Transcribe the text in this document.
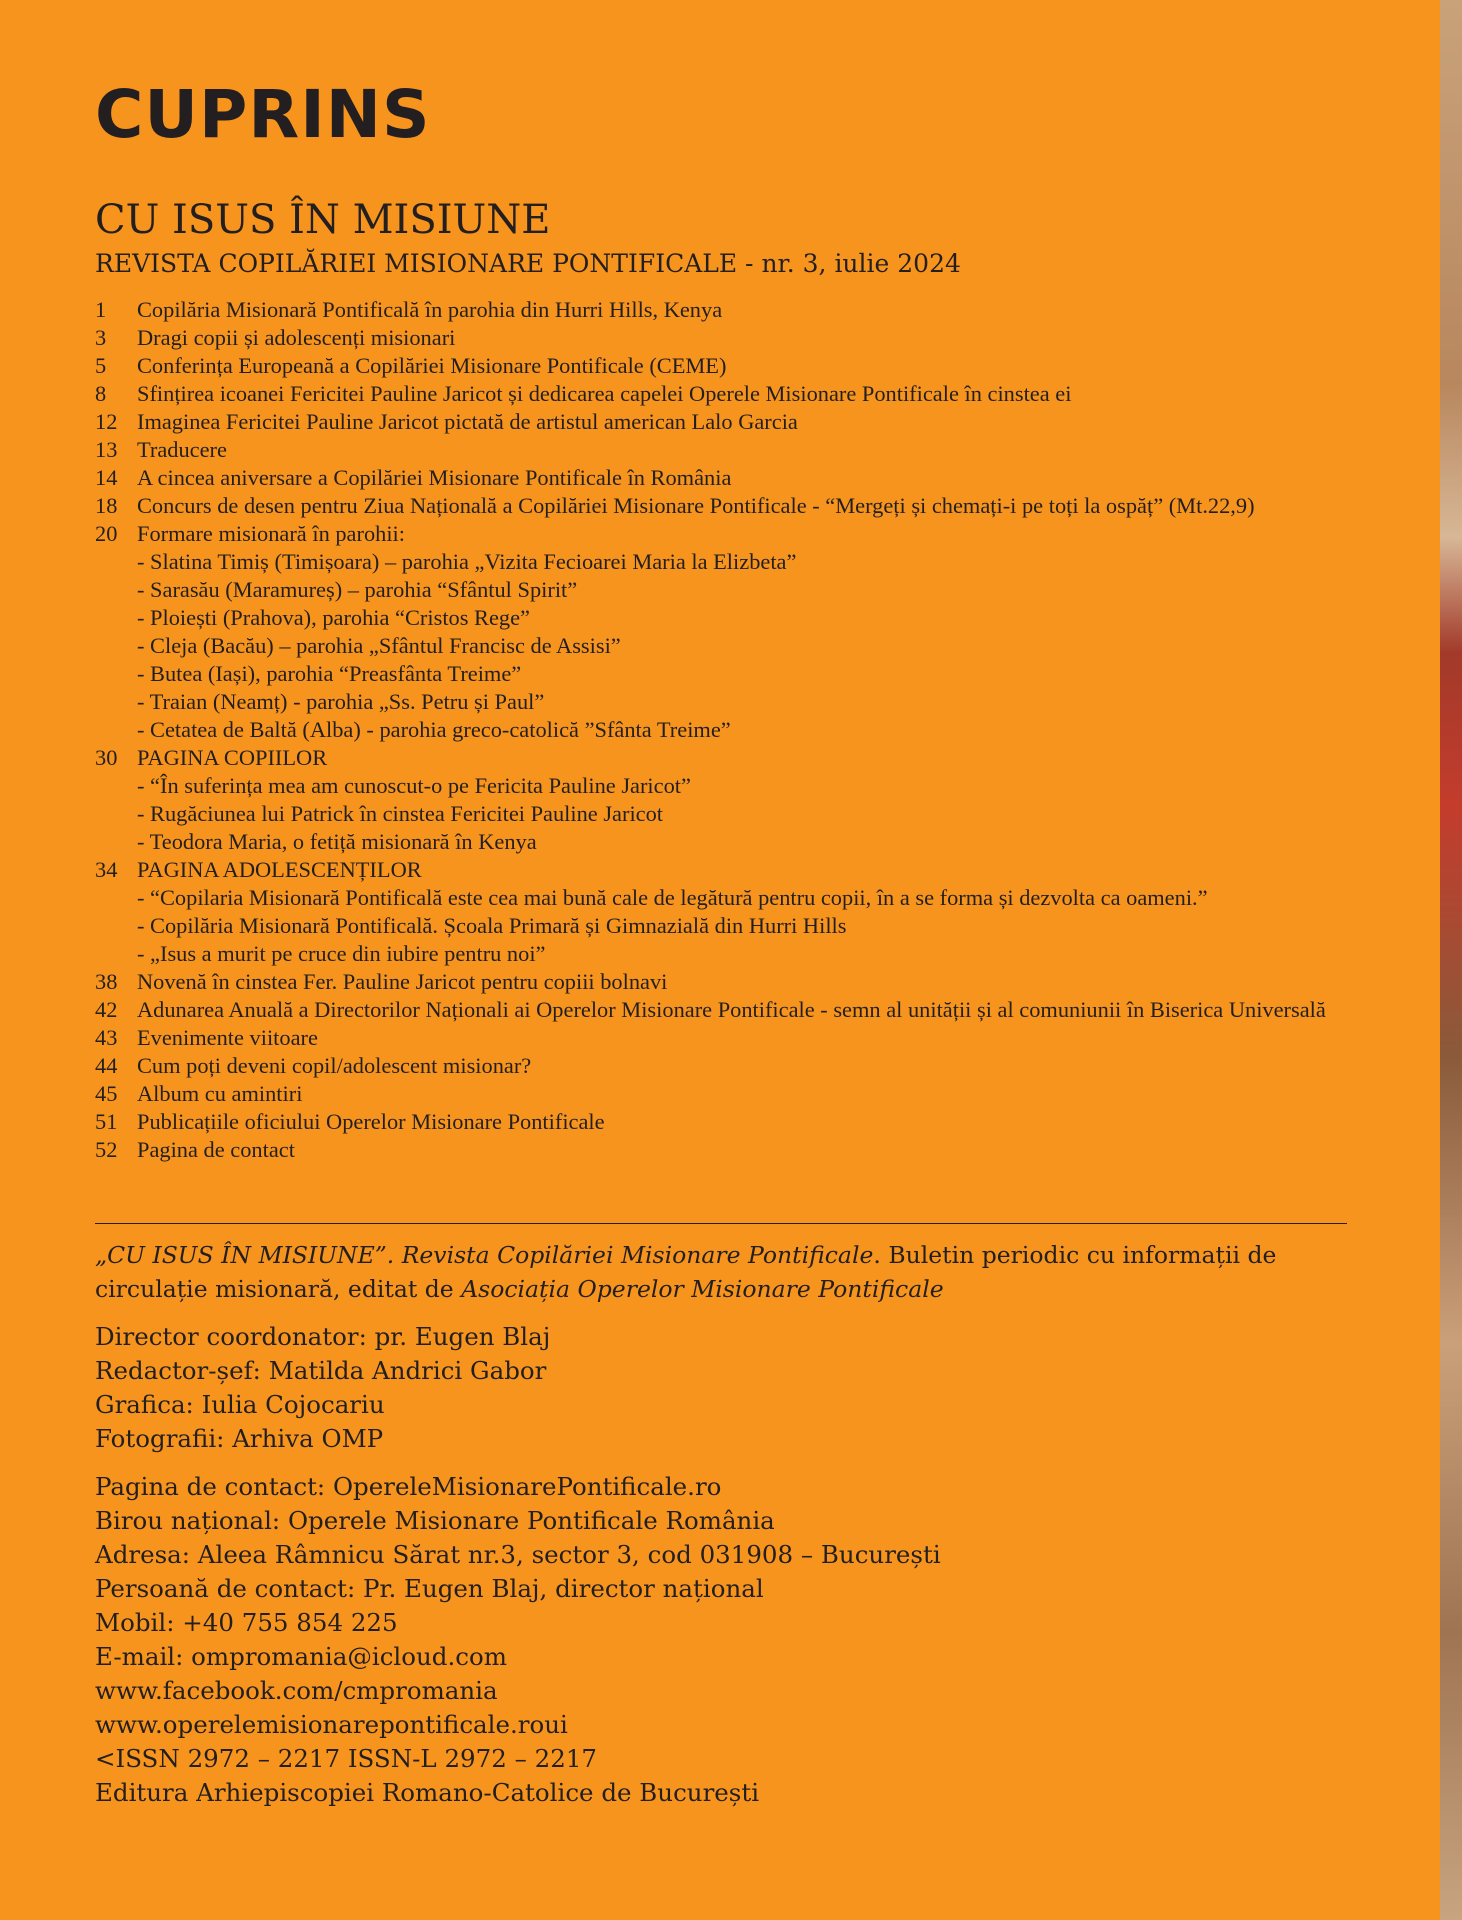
CUPRINS
CU ISUS ÎN MISIUNE
REVISTA COPILĂRIEI MISIONARE PONTIFICALE - nr. 3, iulie 2024
1	Copilăria Misionară Pontificală în parohia din Hurri Hills, Kenya
3	Dragi copii și adolescenți misionari
5	Conferința Europeană a Copilăriei Misionare Pontificale (CEME)
8	Sfințirea icoanei Fericitei Pauline Jaricot și dedicarea capelei Operele Misionare Pontificale în cinstea ei
12 Imaginea Fericitei Pauline Jaricot pictată de artistul american Lalo Garcia
13 Traducere
14 A cincea aniversare a Copilăriei Misionare Pontificale în România
18 Concurs de desen pentru Ziua Națională a Copilăriei Misionare Pontificale - “Mergeți și chemați-i pe toți la ospăț” (Mt.22,9)
20 Formare misionară în parohii:
- Slatina Timiș (Timișoara) – parohia „Vizita Fecioarei Maria la Elizbeta”
- Sarasău (Maramureș) – parohia “Sfântul Spirit”
- Ploiești (Prahova), parohia “Cristos Rege”
- Cleja (Bacău) – parohia „Sfântul Francisc de Assisi”
- Butea (Iași), parohia “Preasfânta Treime”
- Traian (Neamț) - parohia „Ss. Petru și Paul”
- Cetatea de Baltă (Alba) - parohia greco-catolică ”Sfânta Treime”
30 PAGINA COPIILOR
- “În suferința mea am cunoscut-o pe Fericita Pauline Jaricot”
- Rugăciunea lui Patrick în cinstea Fericitei Pauline Jaricot
- Teodora Maria, o fetiță misionară în Kenya
34 PAGINA ADOLESCENȚILOR
- “Copilaria Misionară Pontificală este cea mai bună cale de legătură pentru copii, în a se forma și dezvolta ca oameni.”
- Copilăria Misionară Pontificală. Școala Primară și Gimnazială din Hurri Hills
- „Isus a murit pe cruce din iubire pentru noi”
38 Novenă în cinstea Fer. Pauline Jaricot pentru copiii bolnavi
42 Adunarea Anuală a Directorilor Naționali ai Operelor Misionare Pontificale - semn al unității și al comuniunii în Biserica Universală
43 Evenimente viitoare
44 Cum poți deveni copil/adolescent misionar?
45 Album cu amintiri
51 Publicațiile oficiului Operelor Misionare Pontificale
52 Pagina de contact
„CU ISUS ÎN MISIUNE”. Revista Copilăriei Misionare Pontificale. Buletin periodic cu informații de circulație misionară, editat de Asociația Operelor Misionare Pontificale
Director coordonator: pr. Eugen Blaj
Redactor-șef: Matilda Andrici Gabor
Grafica: Iulia Cojocariu
Fotografii: Arhiva OMP
Pagina de contact: OpereleMisionarePontificale.ro
Birou național: Operele Misionare Pontificale România
Adresa: Aleea Râmnicu Sărat nr.3, sector 3, cod 031908 – București
Persoană de contact: Pr. Eugen Blaj, director național
Mobil: +40 755 854 225
E-mail: ompromania@icloud.com
www.facebook.com/cmpromania
www.operelemisionarepontificale.roui
<ISSN 2972 – 2217 ISSN-L 2972 – 2217
Editura Arhiepiscopiei Romano-Catolice de București
